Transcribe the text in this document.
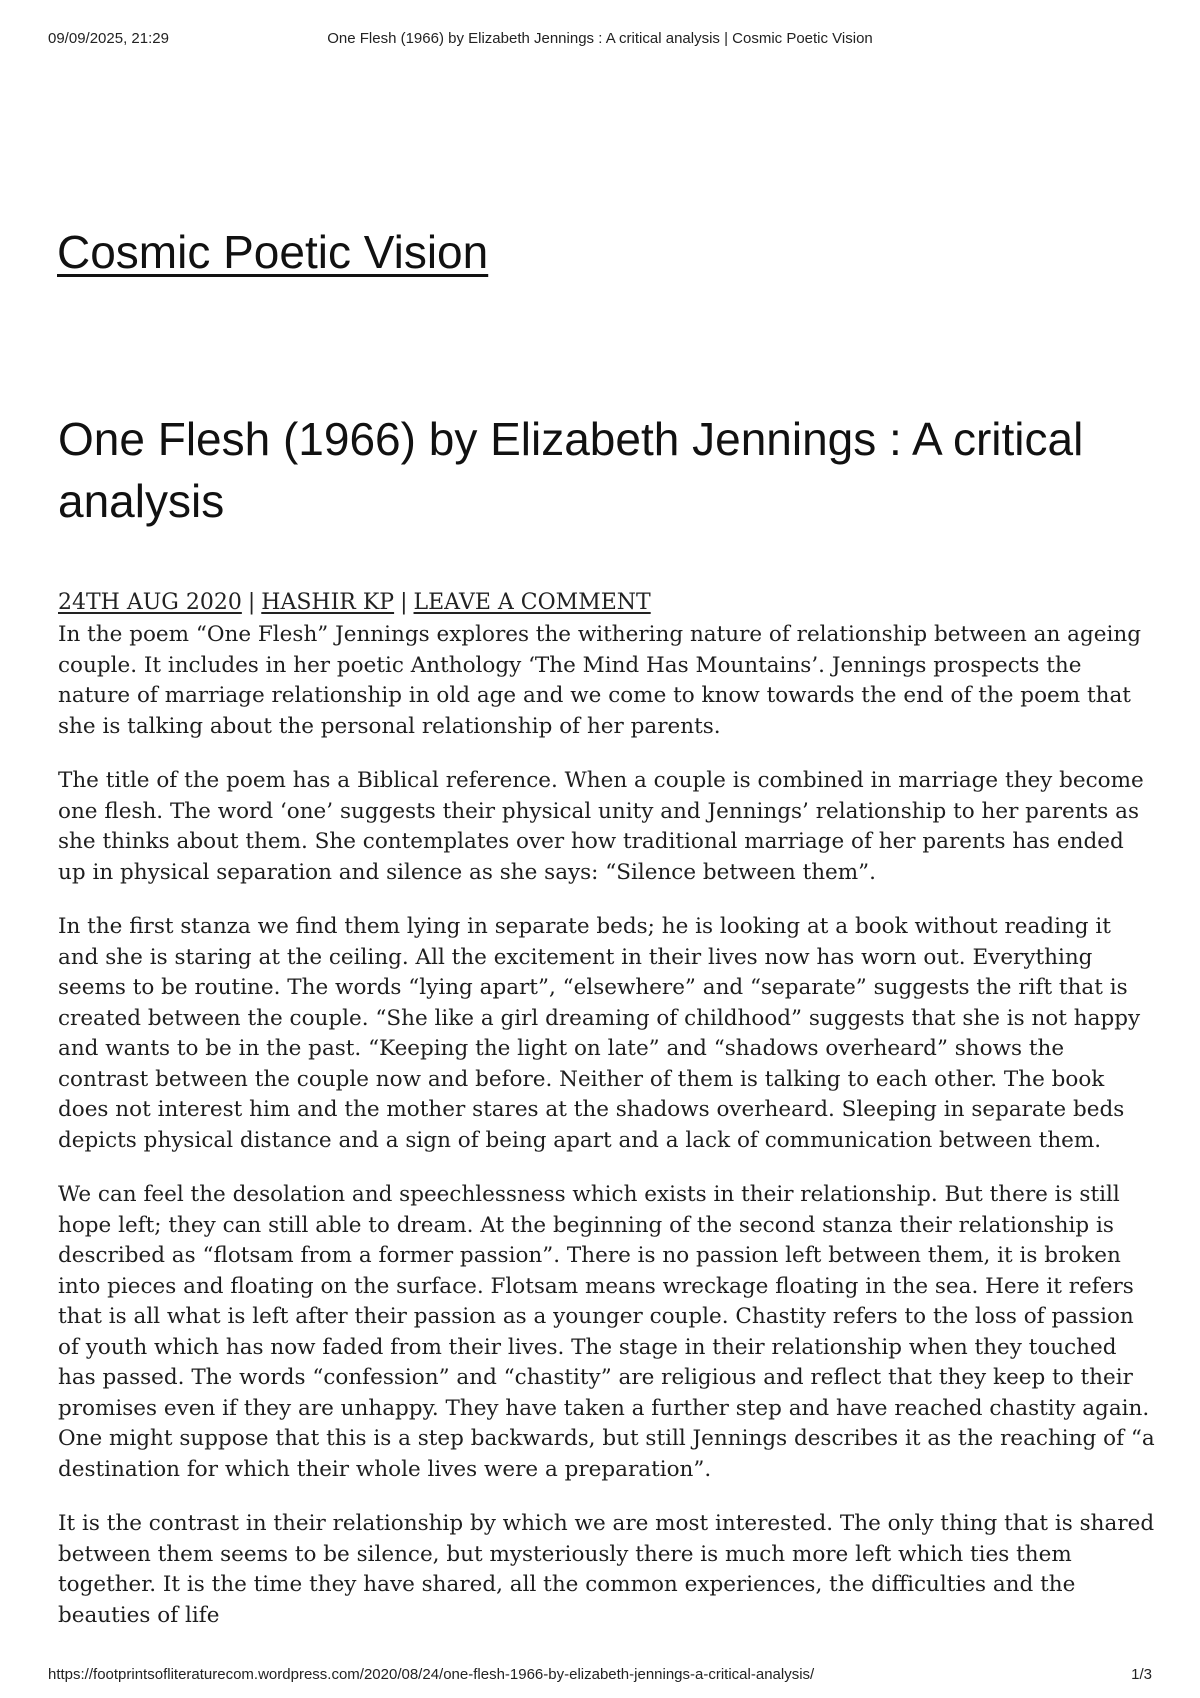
09/09/2025, 21:29	One Flesh (1966) by Elizabeth Jennings : A critical analysis | Cosmic Poetic Vision
Cosmic Poetic Vision
One Flesh (1966) by Elizabeth Jennings : A critical analysis
24TH AUG 2020 | HASHIR KP | LEAVE A COMMENT

In the poem “One Flesh” Jennings explores the withering nature of relationship between an ageing couple. It includes in her poetic Anthology ‘The Mind Has Mountains’. Jennings prospects the nature of marriage relationship in old age and we come to know towards the end of the poem that she is talking about the personal relationship of her parents.

The title of the poem has a Biblical reference. When a couple is combined in marriage they become one flesh. The word ‘one’ suggests their physical unity and Jennings’ relationship to her parents as she thinks about them. She contemplates over how traditional marriage of her parents has ended up in physical separation and silence as she says: “Silence between them”.

In the first stanza we find them lying in separate beds; he is looking at a book without reading it and she is staring at the ceiling. All the excitement in their lives now has worn out. Everything seems to be routine. The words “lying apart”, “elsewhere” and “separate” suggests the rift that is created between the couple. “She like a girl dreaming of childhood” suggests that she is not happy and wants to be in the past. “Keeping the light on late” and “shadows overheard” shows the contrast between the couple now and before. Neither of them is talking to each other. The book does not interest him and the mother stares at the shadows overheard. Sleeping in separate beds depicts physical distance and a sign of being apart and a lack of communication between them.

We can feel the desolation and speechlessness which exists in their relationship. But there is still hope left; they can still able to dream. At the beginning of the second stanza their relationship is described as “flotsam from a former passion”. There is no passion left between them, it is broken into pieces and floating on the surface. Flotsam means wreckage floating in the sea. Here it refers that is all what is left after their passion as a younger couple. Chastity refers to the loss of passion of youth which has now faded from their lives. The stage in their relationship when they touched has passed. The words “confession” and “chastity” are religious and reflect that they keep to their promises even if they are unhappy. They have taken a further step and have reached chastity again. One might suppose that this is a step backwards, but still Jennings describes it as the reaching of “a destination for which their whole lives were a preparation”.

It is the contrast in their relationship by which we are most interested. The only thing that is shared between them seems to be silence, but mysteriously there is much more left which ties them together. It is the time they have shared, all the common experiences, the difficulties and the beauties of life

https://footprintsofliteraturecom.wordpress.com/2020/08/24/one-flesh-1966-by-elizabeth-jennings-a-critical-analysis/	1/3
